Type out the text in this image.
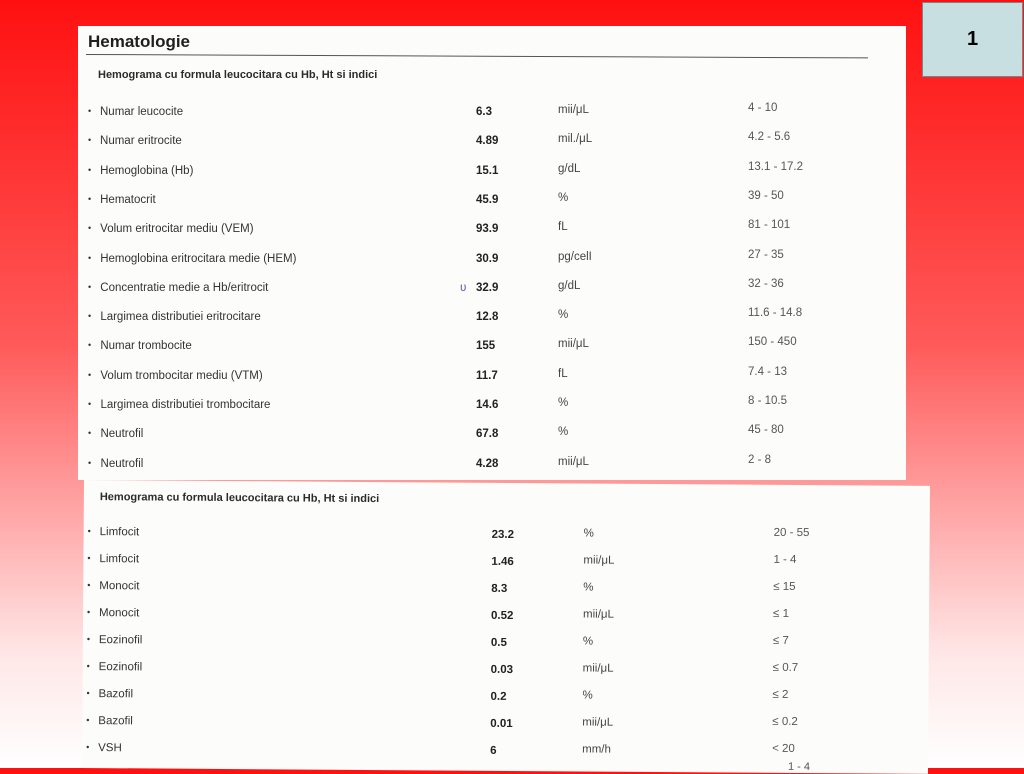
1
Hematologie
Hemograma cu formula leucocitara cu Hb, Ht si indici
• Numar leucocite	6.3	mii/μL	4 - 10
• Numar eritrocite	4.89	mil./μL	4.2 - 5.6
• Hemoglobina (Hb)	15.1	g/dL	13.1 - 17.2
• Hematocrit	45.9	%	39 - 50
• Volum eritrocitar mediu (VEM)	93.9	fL	81 - 101
• Hemoglobina eritrocitara medie (HEM)	30.9	pg/celI	27 - 35
• Concentratie medie a Hb/eritrocit	32.9	g/dL	32 - 36
• Largimea distributiei eritrocitare	12.8	%	11.6 - 14.8
• Numar trombocite	155	mii/μL	150 - 450
• Volum trombocitar mediu (VTM)	11.7	fL	7.4 - 13
• Largimea distributiei trombocitare	14.6	%	8 - 10.5
• Neutrofil	67.8	%	45 - 80
• Neutrofil	4.28	mii/μL	2 - 8
ʋ
Hemograma cu formula leucocitara cu Hb, Ht si indici
• Limfocit	23.2	%	20 - 55
• Limfocit	1.46	mii/μL	1 - 4
• Monocit	8.3	%	≤ 15
• Monocit	0.52	mii/μL	≤ 1
• Eozinofil	0.5	%	≤ 7
• Eozinofil	0.03	mii/μL	≤ 0.7
• Bazofil	0.2	%	≤ 2
• Bazofil	0.01	mii/μL	≤ 0.2
• VSH	6	mm/h	< 20
1 - 4
